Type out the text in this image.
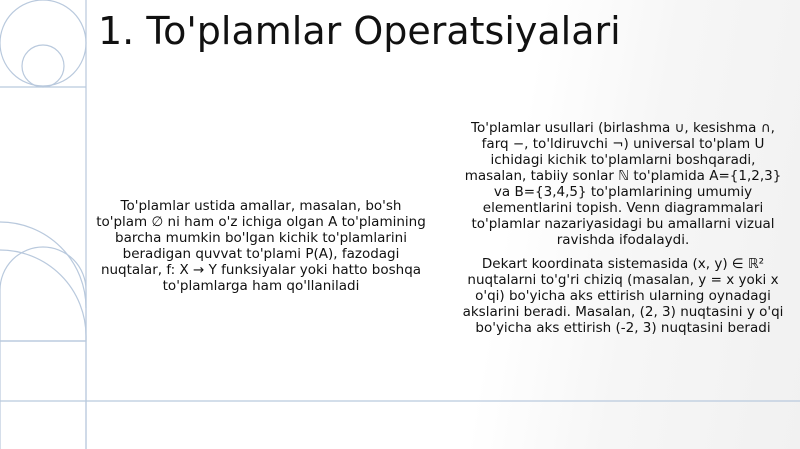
1. To'plamlar Operatsiyalari

To'plamlar ustida amallar, masalan, bo'sh to'plam ∅ ni ham o'z ichiga olgan A to'plamining barcha mumkin bo'lgan kichik to'plamlarini beradigan quvvat to'plami P(A), fazodagi nuqtalar, f: X → Y funksiyalar yoki hatto boshqa to'plamlarga ham qo'llaniladi

To'plamlar usullari (birlashma ∪, kesishma ∩, farq −, to'ldiruvchi ¬) universal to'plam U ichidagi kichik to'plamlarni boshqaradi, masalan, tabiiy sonlar ℕ to'plamida A={1,2,3} va B={3,4,5} to'plamlarining umumiy elementlarini topish. Venn diagrammalari to'plamlar nazariyasidagi bu amallarni vizual ravishda ifodalaydi.

Dekart koordinata sistemasida (x, y) ∈ ℝ² nuqtalarni to'g'ri chiziq (masalan, y = x yoki x o'qi) bo'yicha aks ettirish ularning oynadagi akslarini beradi. Masalan, (2, 3) nuqtasini y o'qi bo'yicha aks ettirish (-2, 3) nuqtasini beradi
